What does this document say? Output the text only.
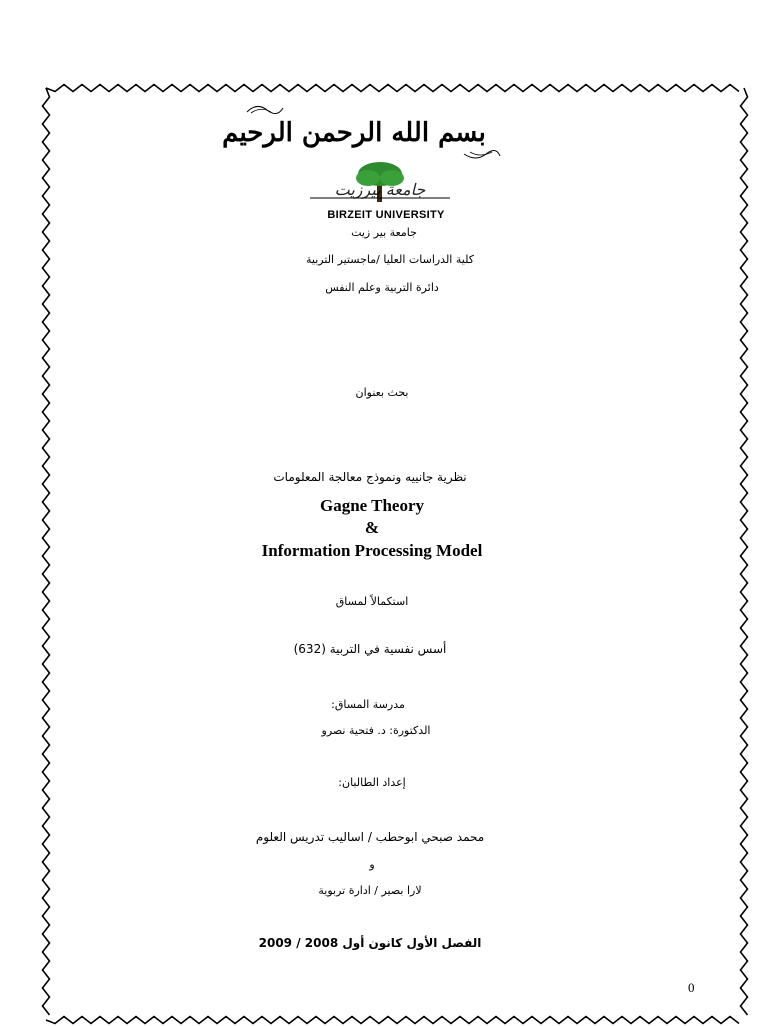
بسم الله الرحمن الرحيم
جامعة بيرزيت
BIRZEIT UNIVERSITY
جامعة بير زيت
كلية الدراسات العليا /ماجستير التربية
دائرة التربية وعلم النفس
بحث بعنوان
نظرية جانييه ونموذج معالجة المعلومات
Gagne Theory
&
Information Processing Model
استكمالاً لمساق
أسس نفسية في التربية (632)
مدرسة المساق:
الدكتورة: د. فتحية نصرو
إعداد الطالبان:
محمد صبحي ابوحطب / اساليب تدريس العلوم
و
لارا بصير / ادارة تربوية
الفصل الأول كانون أول 2008 / 2009
0
